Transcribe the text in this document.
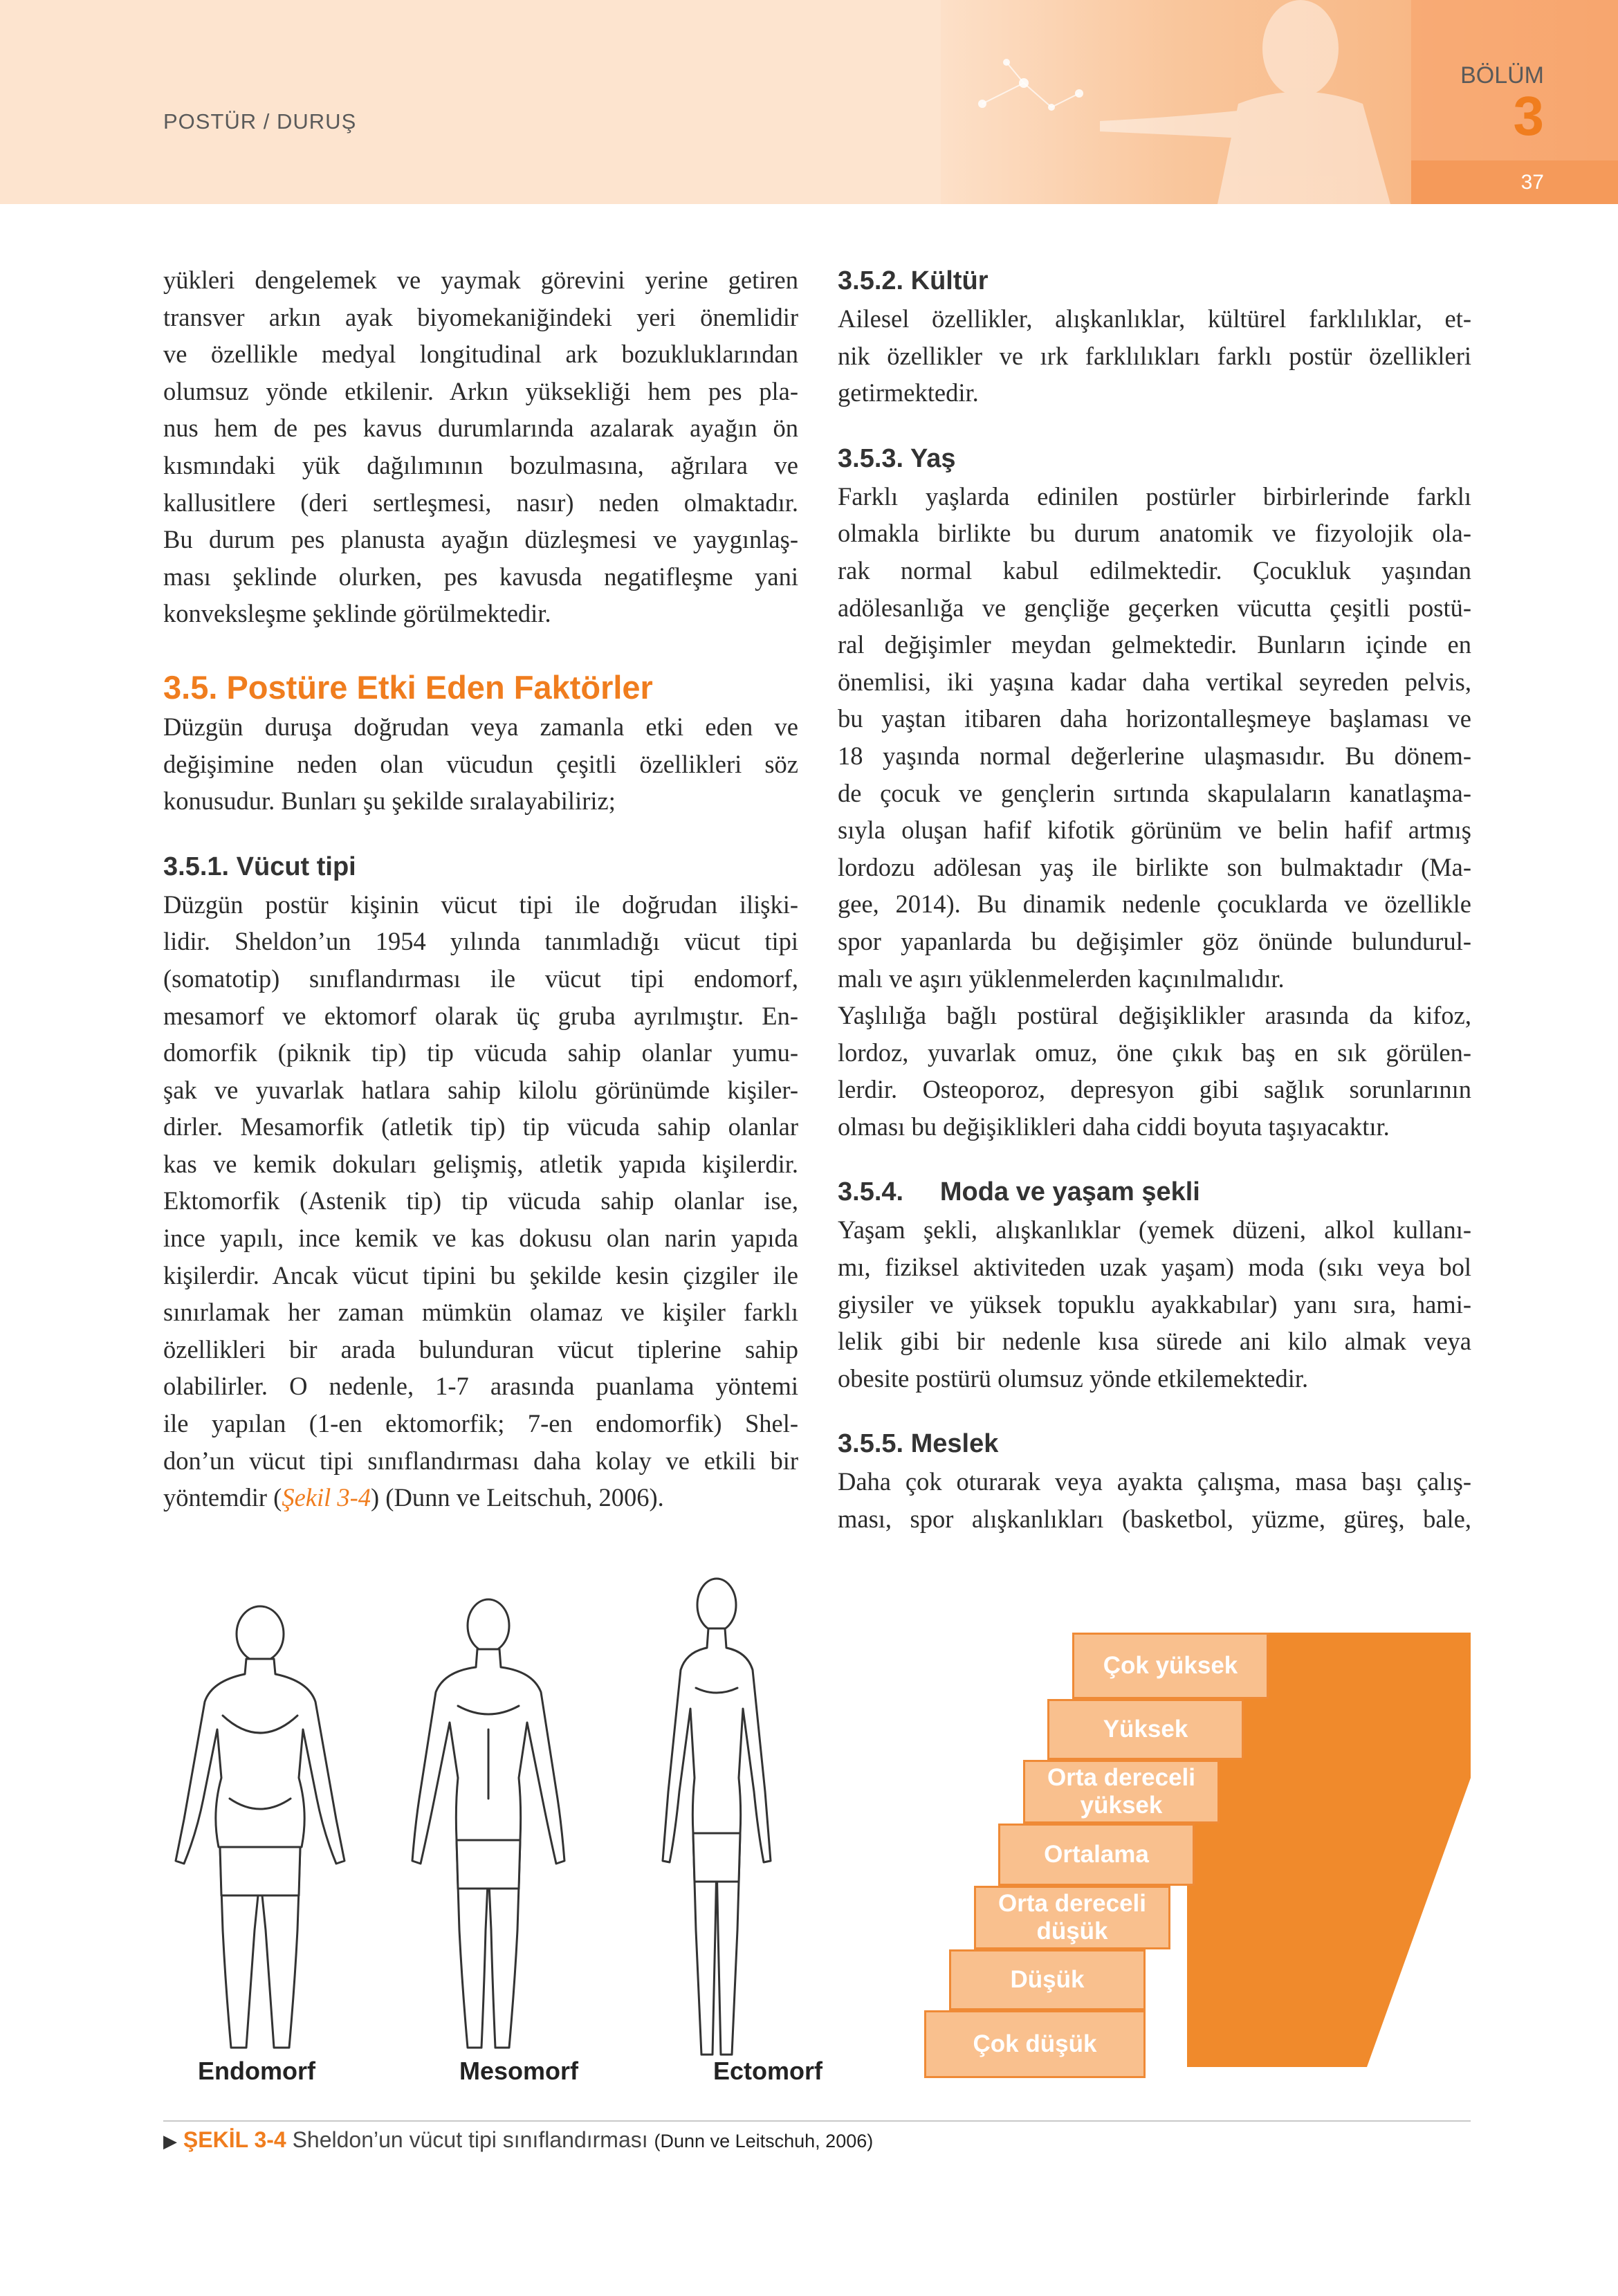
POSTÜR / DURUŞ
BÖLÜM
3
37

yükleri dengelemek ve yaymak görevini yerine getiren
transver arkın ayak biyomekaniğindeki yeri önemlidir
ve özellikle medyal longitudinal ark bozukluklarından
olumsuz yönde etkilenir. Arkın yüksekliği hem pes pla-
nus hem de pes kavus durumlarında azalarak ayağın ön
kısmındaki yük dağılımının bozulmasına, ağrılara ve
kallusitlere (deri sertleşmesi, nasır) neden olmaktadır.
Bu durum pes planusta ayağın düzleşmesi ve yaygınlaş-
ması şeklinde olurken, pes kavusda negatifleşme yani
konveksleşme şeklinde görülmektedir.

3.5. Postüre Etki Eden Faktörler

Düzgün duruşa doğrudan veya zamanla etki eden ve
değişimine neden olan vücudun çeşitli özellikleri söz
konusudur. Bunları şu şekilde sıralayabiliriz;

3.5.1. Vücut tipi

Düzgün postür kişinin vücut tipi ile doğrudan ilişki-
lidir. Sheldon’un 1954 yılında tanımladığı vücut tipi
(somatotip) sınıflandırması ile vücut tipi endomorf,
mesamorf ve ektomorf olarak üç gruba ayrılmıştır. En-
domorfik (piknik tip) tip vücuda sahip olanlar yumu-
şak ve yuvarlak hatlara sahip kilolu görünümde kişiler-
dirler. Mesamorfik (atletik tip) tip vücuda sahip olanlar
kas ve kemik dokuları gelişmiş, atletik yapıda kişilerdir.
Ektomorfik (Astenik tip) tip vücuda sahip olanlar ise,
ince yapılı, ince kemik ve kas dokusu olan narin yapıda
kişilerdir. Ancak vücut tipini bu şekilde kesin çizgiler ile
sınırlamak her zaman mümkün olamaz ve kişiler farklı
özellikleri bir arada bulunduran vücut tiplerine sahip
olabilirler. O nedenle, 1-7 arasında puanlama yöntemi
ile yapılan (1-en ektomorfik; 7-en endomorfik) Shel-
don’un vücut tipi sınıflandırması daha kolay ve etkili bir
yöntemdir (Şekil 3-4) (Dunn ve Leitschuh, 2006).

3.5.2. Kültür

Ailesel özellikler, alışkanlıklar, kültürel farklılıklar, et-
nik özellikler ve ırk farklılıkları farklı postür özellikleri
getirmektedir.

3.5.3. Yaş

Farklı yaşlarda edinilen postürler birbirlerinde farklı
olmakla birlikte bu durum anatomik ve fizyolojik ola-
rak normal kabul edilmektedir. Çocukluk yaşından
adölesanlığa ve gençliğe geçerken vücutta çeşitli postü-
ral değişimler meydan gelmektedir. Bunların içinde en
önemlisi, iki yaşına kadar daha vertikal seyreden pelvis,
bu yaştan itibaren daha horizontalleşmeye başlaması ve
18 yaşında normal değerlerine ulaşmasıdır. Bu dönem-
de çocuk ve gençlerin sırtında skapulaların kanatlaşma-
sıyla oluşan hafif kifotik görünüm ve belin hafif artmış
lordozu adölesan yaş ile birlikte son bulmaktadır (Ma-
gee, 2014). Bu dinamik nedenle çocuklarda ve özellikle
spor yapanlarda bu değişimler göz önünde bulundurul-
malı ve aşırı yüklenmelerden kaçınılmalıdır.
Yaşlılığa bağlı postüral değişiklikler arasında da kifoz,
lordoz, yuvarlak omuz, öne çıkık baş en sık görülen-
lerdir. Osteoporoz, depresyon gibi sağlık sorunlarının
olması bu değişiklikleri daha ciddi boyuta taşıyacaktır.

3.5.4.     Moda ve yaşam şekli

Yaşam şekli, alışkanlıklar (yemek düzeni, alkol kullanı-
mı, fiziksel aktiviteden uzak yaşam) moda (sıkı veya bol
giysiler ve yüksek topuklu ayakkabılar) yanı sıra, hami-
lelik gibi bir nedenle kısa sürede ani kilo almak veya
obesite postürü olumsuz yönde etkilemektedir.

3.5.5. Meslek

Daha çok oturarak veya ayakta çalışma, masa başı çalış-
ması, spor alışkanlıkları (basketbol, yüzme, güreş, bale,

Endomorf	Mesomorf	Ectomorf
Çok yüksek
Yüksek
Orta dereceli yüksek
Ortalama
Orta dereceli düşük
Düşük
Çok düşük
▶ ŞEKİL 3-4 Sheldon’un vücut tipi sınıflandırması (Dunn ve Leitschuh, 2006)
